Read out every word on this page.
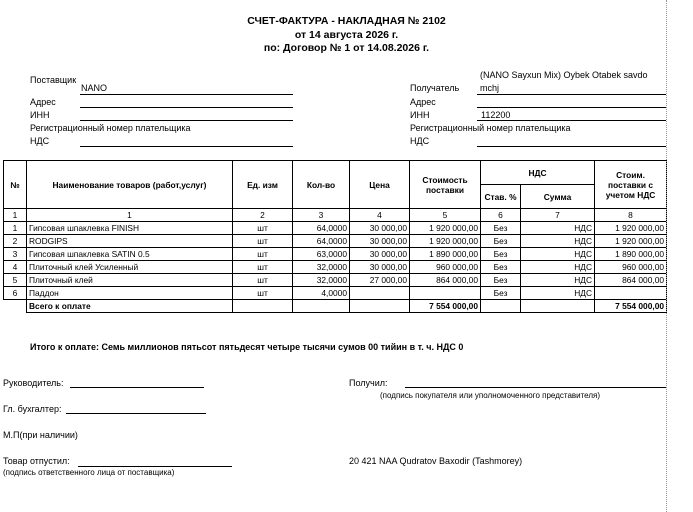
СЧЕТ-ФАКТУРА - НАКЛАДНАЯ № 2102
от 14 августа 2026 г.
по: Договор № 1 от 14.08.2026 г.
Поставщик
NANO
Адрес
ИНН
Регистрационный номер плательщика
НДС
Получатель
(NANO Sayxun Mix) Oybek Otabek savdo
mchj
Адрес
ИНН	112200
Регистрационный номер плательщика
НДС
№	Наименование товаров (работ,услуг)	Ед. изм	Кол-во	Цена	Стоимость поставки	НДС		Стоим. поставки с учетом НДС
						Став. %	Сумма	
1	1	2	3	4	5	6	7	8
1	Гипсовая шпаклевка FINISH	шт	64,0000	30 000,00	1 920 000,00	Без	НДС	1 920 000,00
2	RODGIPS	шт	64,0000	30 000,00	1 920 000,00	Без	НДС	1 920 000,00
3	Гипсовая шпаклевка SATIN 0.5	шт	63,0000	30 000,00	1 890 000,00	Без	НДС	1 890 000,00
4	Плиточный клей Усиленный	шт	32,0000	30 000,00	960 000,00	Без	НДС	960 000,00
5	Плиточный клей	шт	32,0000	27 000,00	864 000,00	Без	НДС	864 000,00
6	Паддон	шт	4,0000			Без	НДС	
	Всего к оплате				7 554 000,00			7 554 000,00
Итого к оплате: Семь миллионов пятьсот пятьдесят четыре тысячи сумов 00 тийин в т. ч. НДС 0
Руководитель:
Гл. бухгалтер:
М.П(при наличии)
Товар отпустил:
(подпись ответственного лица от поставщика)
Получил:
(подпись покупателя или уполномоченного представителя)
20 421 NAA Qudratov Baxodir (Tashmorey)
